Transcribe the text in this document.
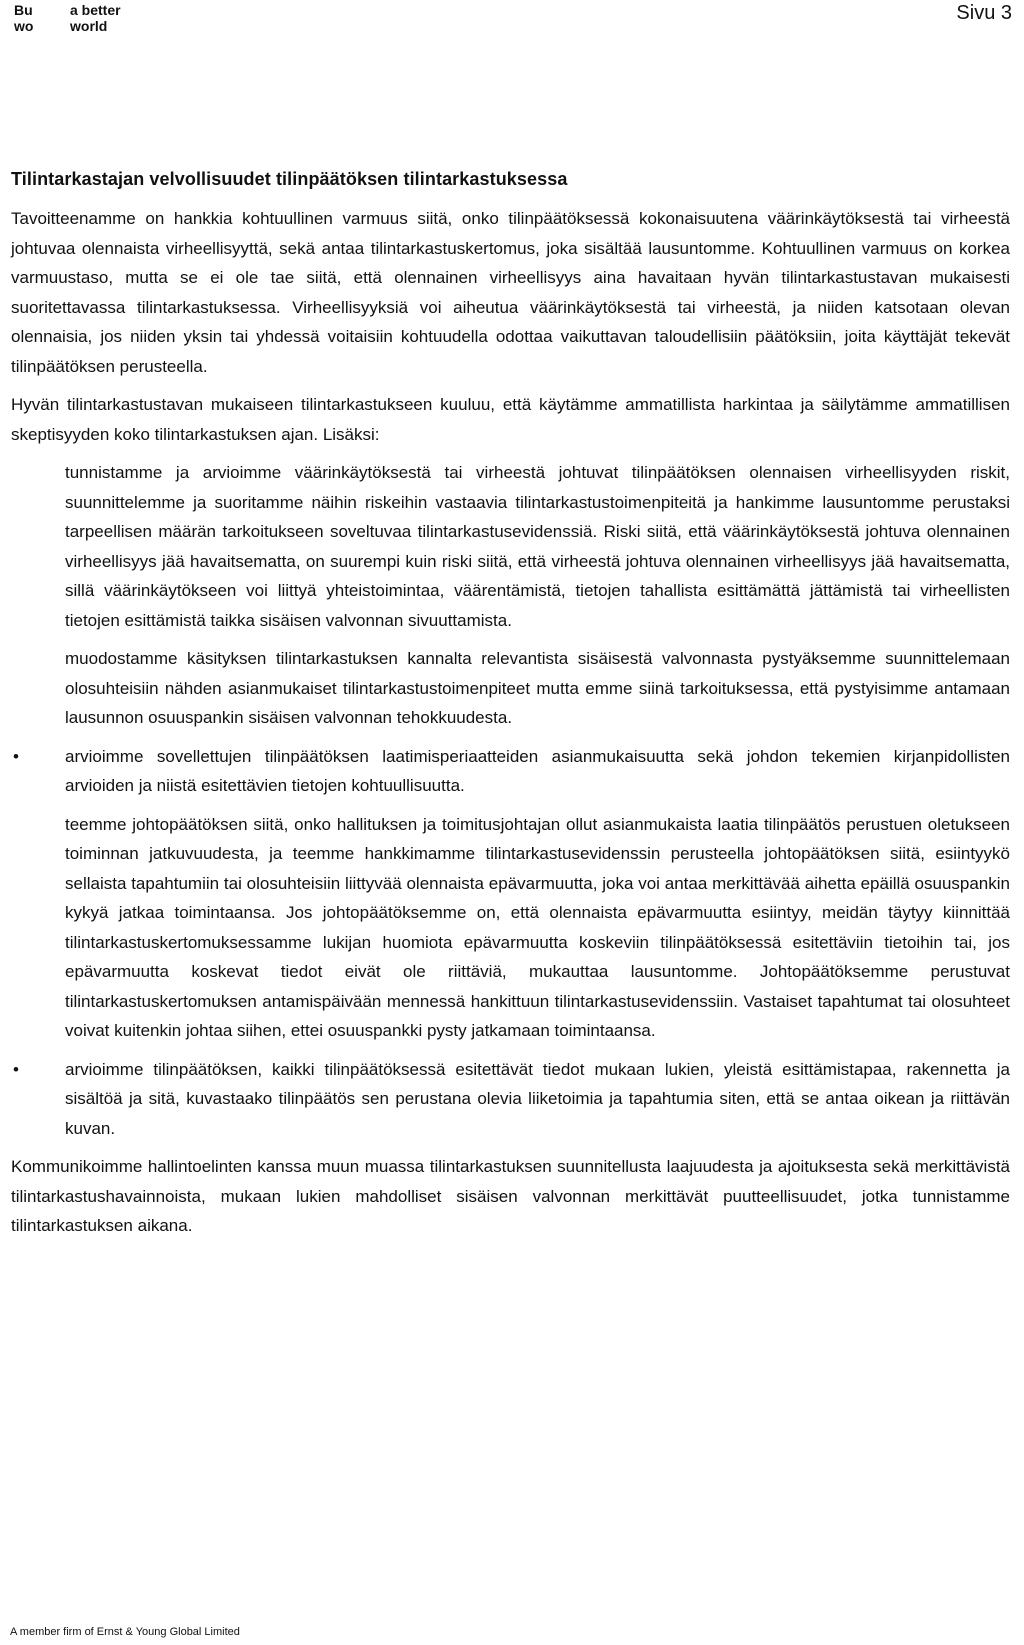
Bu
wo
a better
world
Sivu 3
Tilintarkastajan velvollisuudet tilinpäätöksen tilintarkastuksessa

Tavoitteenamme on hankkia kohtuullinen varmuus siitä, onko tilinpäätöksessä kokonaisuutena väärinkäytöksestä tai virheestä johtuvaa olennaista virheellisyyttä, sekä antaa tilintarkastuskertomus, joka sisältää lausuntomme. Kohtuullinen varmuus on korkea varmuustaso, mutta se ei ole tae siitä, että olennainen virheellisyys aina havaitaan hyvän tilintarkastustavan mukaisesti suoritettavassa tilintarkastuksessa. Virheellisyyksiä voi aiheutua väärinkäytöksestä tai virheestä, ja niiden katsotaan olevan olennaisia, jos niiden yksin tai yhdessä voitaisiin kohtuudella odottaa vaikuttavan taloudellisiin päätöksiin, joita käyttäjät tekevät tilinpäätöksen perusteella.

Hyvän tilintarkastustavan mukaiseen tilintarkastukseen kuuluu, että käytämme ammatillista harkintaa ja säilytämme ammatillisen skeptisyyden koko tilintarkastuksen ajan. Lisäksi:

tunnistamme ja arvioimme väärinkäytöksestä tai virheestä johtuvat tilinpäätöksen olennaisen virheellisyyden riskit, suunnittelemme ja suoritamme näihin riskeihin vastaavia tilintarkastustoimenpiteitä ja hankimme lausuntomme perustaksi tarpeellisen määrän tarkoitukseen soveltuvaa tilintarkastusevidenssiä. Riski siitä, että väärinkäytöksestä johtuva olennainen virheellisyys jää havaitsematta, on suurempi kuin riski siitä, että virheestä johtuva olennainen virheellisyys jää havaitsematta, sillä väärinkäytökseen voi liittyä yhteistoimintaa, väärentämistä, tietojen tahallista esittämättä jättämistä tai virheellisten tietojen esittämistä taikka sisäisen valvonnan sivuuttamista.
muodostamme käsityksen tilintarkastuksen kannalta relevantista sisäisestä valvonnasta pystyäksemme suunnittelemaan olosuhteisiin nähden asianmukaiset tilintarkastustoimenpiteet mutta emme siinä tarkoituksessa, että pystyisimme antamaan lausunnon osuuspankin sisäisen valvonnan tehokkuudesta.
•	arvioimme sovellettujen tilinpäätöksen laatimisperiaatteiden asianmukaisuutta sekä johdon tekemien kirjanpidollisten arvioiden ja niistä esitettävien tietojen kohtuullisuutta.
teemme johtopäätöksen siitä, onko hallituksen ja toimitusjohtajan ollut asianmukaista laatia tilinpäätös perustuen oletukseen toiminnan jatkuvuudesta, ja teemme hankkimamme tilintarkastusevidenssin perusteella johtopäätöksen siitä, esiintyykö sellaista tapahtumiin tai olosuhteisiin liittyvää olennaista epävarmuutta, joka voi antaa merkittävää aihetta epäillä osuuspankin kykyä jatkaa toimintaansa. Jos johtopäätöksemme on, että olennaista epävarmuutta esiintyy, meidän täytyy kiinnittää tilintarkastuskertomuksessamme lukijan huomiota epävarmuutta koskeviin tilinpäätöksessä esitettäviin tietoihin tai, jos epävarmuutta koskevat tiedot eivät ole riittäviä, mukauttaa lausuntomme. Johtopäätöksemme perustuvat tilintarkastuskertomuksen antamispäivään mennessä hankittuun tilintarkastusevidenssiin. Vastaiset tapahtumat tai olosuhteet voivat kuitenkin johtaa siihen, ettei osuuspankki pysty jatkamaan toimintaansa.
•	arvioimme tilinpäätöksen, kaikki tilinpäätöksessä esitettävät tiedot mukaan lukien, yleistä esittämistapaa, rakennetta ja sisältöä ja sitä, kuvastaako tilinpäätös sen perustana olevia liiketoimia ja tapahtumia siten, että se antaa oikean ja riittävän kuvan.

Kommunikoimme hallintoelinten kanssa muun muassa tilintarkastuksen suunnitellusta laajuudesta ja ajoituksesta sekä merkittävistä tilintarkastushavainnoista, mukaan lukien mahdolliset sisäisen valvonnan merkittävät puutteellisuudet, jotka tunnistamme tilintarkastuksen aikana.

A member firm of Ernst & Young Global Limited
